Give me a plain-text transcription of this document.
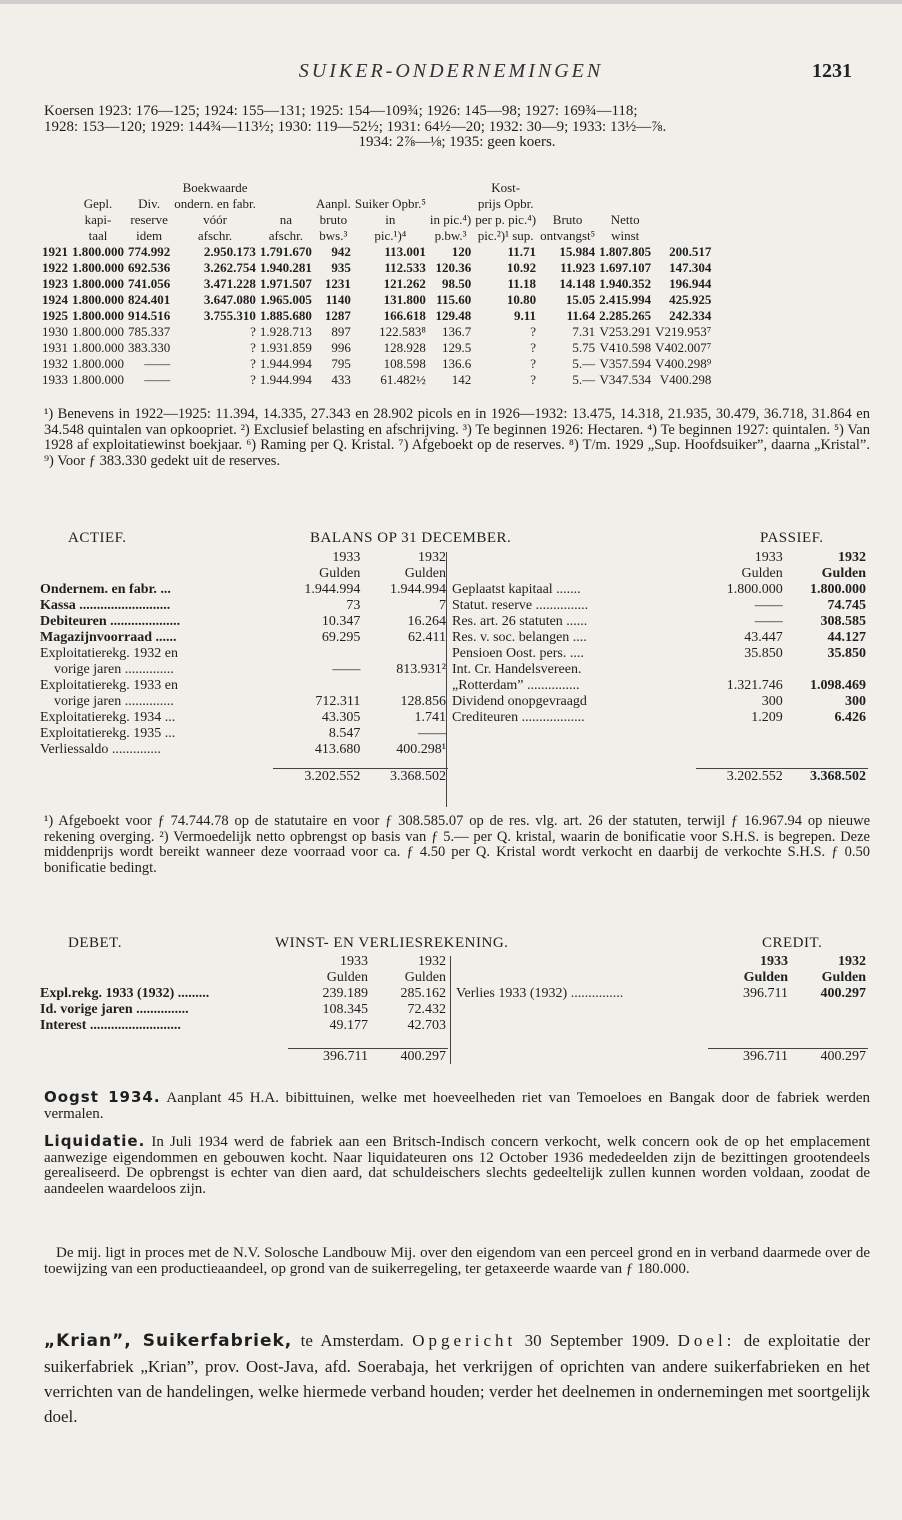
SUIKER-ONDERNEMINGEN	1231
Koersen 1923: 176—125; 1924: 155—131; 1925: 154—109¾; 1926: 145—98; 1927: 169¾—118;
1928: 153—120; 1929: 144¾—113½; 1930: 119—52½; 1931: 64½—20; 1932: 30—9; 1933: 13½—⅞.
1934: 2⅞—⅛; 1935: geen koers.
			Boekwaarde					Kost-			
	Gepl.	Div.	ondern. en fabr.		Aanpl.	Suiker Opbr.⁵		prijs Opbr.			
	kapi-	reserve	vóór	na	bruto	in	in pic.⁴)	per p. pic.⁴)	Bruto	Netto	
	taal	idem	afschr.	afschr.	bws.³	pic.¹)⁴	p.bw.³	pic.²)¹ sup.	ontvangst⁵	winst	
1921	1.800.000	774.992	2.950.173	1.791.670	942	113.001	120	11.71	15.984	1.807.805	200.517
1922	1.800.000	692.536	3.262.754	1.940.281	935	112.533	120.36	10.92	11.923	1.697.107	147.304
1923	1.800.000	741.056	3.471.228	1.971.507	1231	121.262	98.50	11.18	14.148	1.940.352	196.944
1924	1.800.000	824.401	3.647.080	1.965.005	1140	131.800	115.60	10.80	15.05	2.415.994	425.925
1925	1.800.000	914.516	3.755.310	1.885.680	1287	166.618	129.48	9.11	11.64	2.285.265	242.334
1930	1.800.000	785.337	?	1.928.713	897	122.583⁸	136.7	?	7.31	V253.291	V219.953⁷
1931	1.800.000	383.330	?	1.931.859	996	128.928	129.5	?	5.75	V410.598	V402.007⁷
1932	1.800.000	——	?	1.944.994	795	108.598	136.6	?	5.—	V357.594	V400.298⁹
1933	1.800.000	——	?	1.944.994	433	61.482½	142	?	5.—	V347.534	V400.298
¹) Benevens in 1922—1925: 11.394, 14.335, 27.343 en 28.902 picols en in 1926—1932: 13.475, 14.318, 21.935, 30.479, 36.718, 31.864 en 34.548 quintalen van opkoopriet. ²) Exclusief belasting en afschrijving. ³) Te beginnen 1926: Hectaren. ⁴) Te beginnen 1927: quintalen. ⁵) Van 1928 af exploitatiewinst boekjaar. ⁶) Raming per Q. Kristal. ⁷) Afgeboekt op de reserves. ⁸) T/m. 1929 „Sup. Hoofdsuiker”, daarna „Kristal”. ⁹) Voor ƒ 383.330 gedekt uit de reserves.
ACTIEF.	BALANS OP 31 DECEMBER.	PASSIEF.
	1933	1932
	Gulden	Gulden
Ondernem. en fabr. ...	1.944.994	1.944.994
Kassa ..........................	73	7
Debiteuren ....................	10.347	16.264
Magazijnvoorraad ......	69.295	62.411
Exploitatierekg. 1932 en		
vorige jaren ..............	——	813.931²
Exploitatierekg. 1933 en		
vorige jaren ..............	712.311	128.856
Exploitatierekg. 1934 ...	43.305	1.741
Exploitatierekg. 1935 ...	8.547	——
Verliessaldo ..............	413.680	400.298¹

	3.202.552	3.368.502
	1933	1932
	Gulden	Gulden
Geplaatst kapitaal .......	1.800.000	1.800.000
Statut. reserve ...............	——	74.745
Res. art. 26 statuten ......	——	308.585
Res. v. soc. belangen ....	43.447	44.127
Pensioen Oost. pers. ....	35.850	35.850
Int. Cr. Handelsvereen.		
„Rotterdam” ...............	1.321.746	1.098.469
Dividend onopgevraagd	300	300
Crediteuren ..................	1.209	6.426

	3.202.552	3.368.502
¹) Afgeboekt voor ƒ 74.744.78 op de statutaire en voor ƒ 308.585.07 op de res. vlg. art. 26 der statuten, terwijl ƒ 16.967.94 op nieuwe rekening overging. ²) Vermoedelijk netto opbrengst op basis van ƒ 5.— per Q. kristal, waarin de bonificatie voor S.H.S. is begrepen. Deze middenprijs wordt bereikt wanneer deze voorraad voor ca. ƒ 4.50 per Q. Kristal wordt verkocht en daarbij de verkochte S.H.S. ƒ 0.50 bonificatie bedingt.
DEBET.	WINST- EN VERLIESREKENING.	CREDIT.
	1933	1932
	Gulden	Gulden
Expl.rekg. 1933 (1932) .........	239.189	285.162
Id. vorige jaren ...............	108.345	72.432
Interest ..........................	49.177	42.703

	396.711	400.297
	1933	1932
	Gulden	Gulden
Verlies 1933 (1932) ...............	396.711	400.297

	396.711	400.297
Oogst 1934. Aanplant 45 H.A. bibittuinen, welke met hoeveelheden riet van Temoeloes en Bangak door de fabriek werden vermalen.
Liquidatie. In Juli 1934 werd de fabriek aan een Britsch-Indisch concern verkocht, welk concern ook de op het emplacement aanwezige eigendommen en gebouwen kocht. Naar liquidateuren ons 12 October 1936 mededeelden zijn de bezittingen grootendeels gerealiseerd. De opbrengst is echter van dien aard, dat schuldeischers slechts gedeeltelijk zullen kunnen worden voldaan, zoodat de aandeelen waardeloos zijn.
De mij. ligt in proces met de N.V. Solosche Landbouw Mij. over den eigendom van een perceel grond en in verband daarmede over de toewijzing van een productieaandeel, op grond van de suikerregeling, ter getaxeerde waarde van ƒ 180.000.
„Krian”, Suikerfabriek, te Amsterdam. Opgericht 30 September 1909. Doel: de exploitatie der suikerfabriek „Krian”, prov. Oost-Java, afd. Soerabaja, het verkrijgen of oprichten van andere suikerfabrieken en het verrichten van de handelingen, welke hiermede verband houden; verder het deelnemen in ondernemingen met soortgelijk doel.
